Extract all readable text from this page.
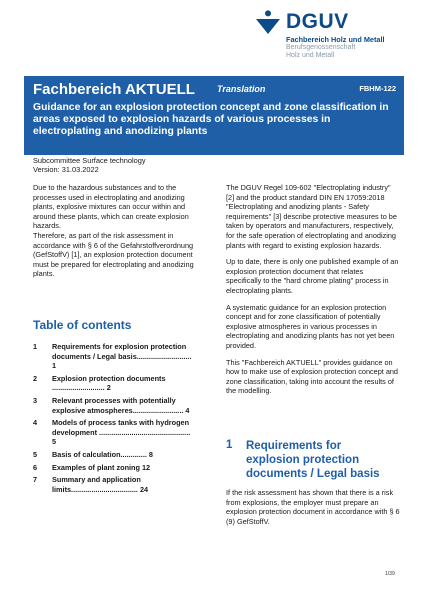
DGUV
Fachbereich Holz und Metall
Berufsgenossenschaft
Holz und Metall
Fachbereich AKTUELL Translation	FBHM-122
Guidance for an explosion protection concept and zone classification in areas exposed to explosion hazards of various processes in electroplating and anodizing plants
Subcommittee Surface technology
Version: 31.03.2022

Due to the hazardous substances and to the processes used in electroplating and anodizing plants, explosive mixtures can occur within and around these plants, which can create explosion hazards.

Therefore, as part of the risk assessment in accordance with § 6 of the Gefahrstoffverordnung (GefStoffV) [1], an explosion protection document must be prepared for electroplating and anodizing plants.

Table of contents
1 Requirements for explosion protection documents / Legal basis........................... 1
2 Explosion protection documents .......................... 2
3 Relevant processes with potentially explosive atmospheres......................... 4
4 Models of process tanks with hydrogen development ............................................. 5
5 Basis of calculation............. 8
6 Examples of plant zoning 12
7 Summary and application limits................................. 24

The DGUV Regel 109-602 "Electroplating industry" [2] and the product standard DIN EN 17059:2018 "Electroplating and anodizing plants - Safety requirements" [3] describe protective measures to be taken by operators and manufacturers, respectively, for the safe operation of electroplating and anodizing plants with regard to existing explosion hazards.

Up to date, there is only one published example of an explosion protection document that relates specifically to the "hard chrome plating" process in electroplating plants.

A systematic guidance for an explosion protection concept and for zone classification of potentially explosive atmospheres in various processes in electroplating and anodizing plants has not yet been provided.

This "Fachbereich AKTUELL" provides guidance on how to make use of explosion protection concept and zone classification, taking into account the results of the modelling.

1 Requirements for explosion protection documents / Legal basis
If the risk assessment has shown that there is a risk from explosions, the employer must prepare an explosion protection document in accordance with § 6 (9) GefStoffV.
1/39
